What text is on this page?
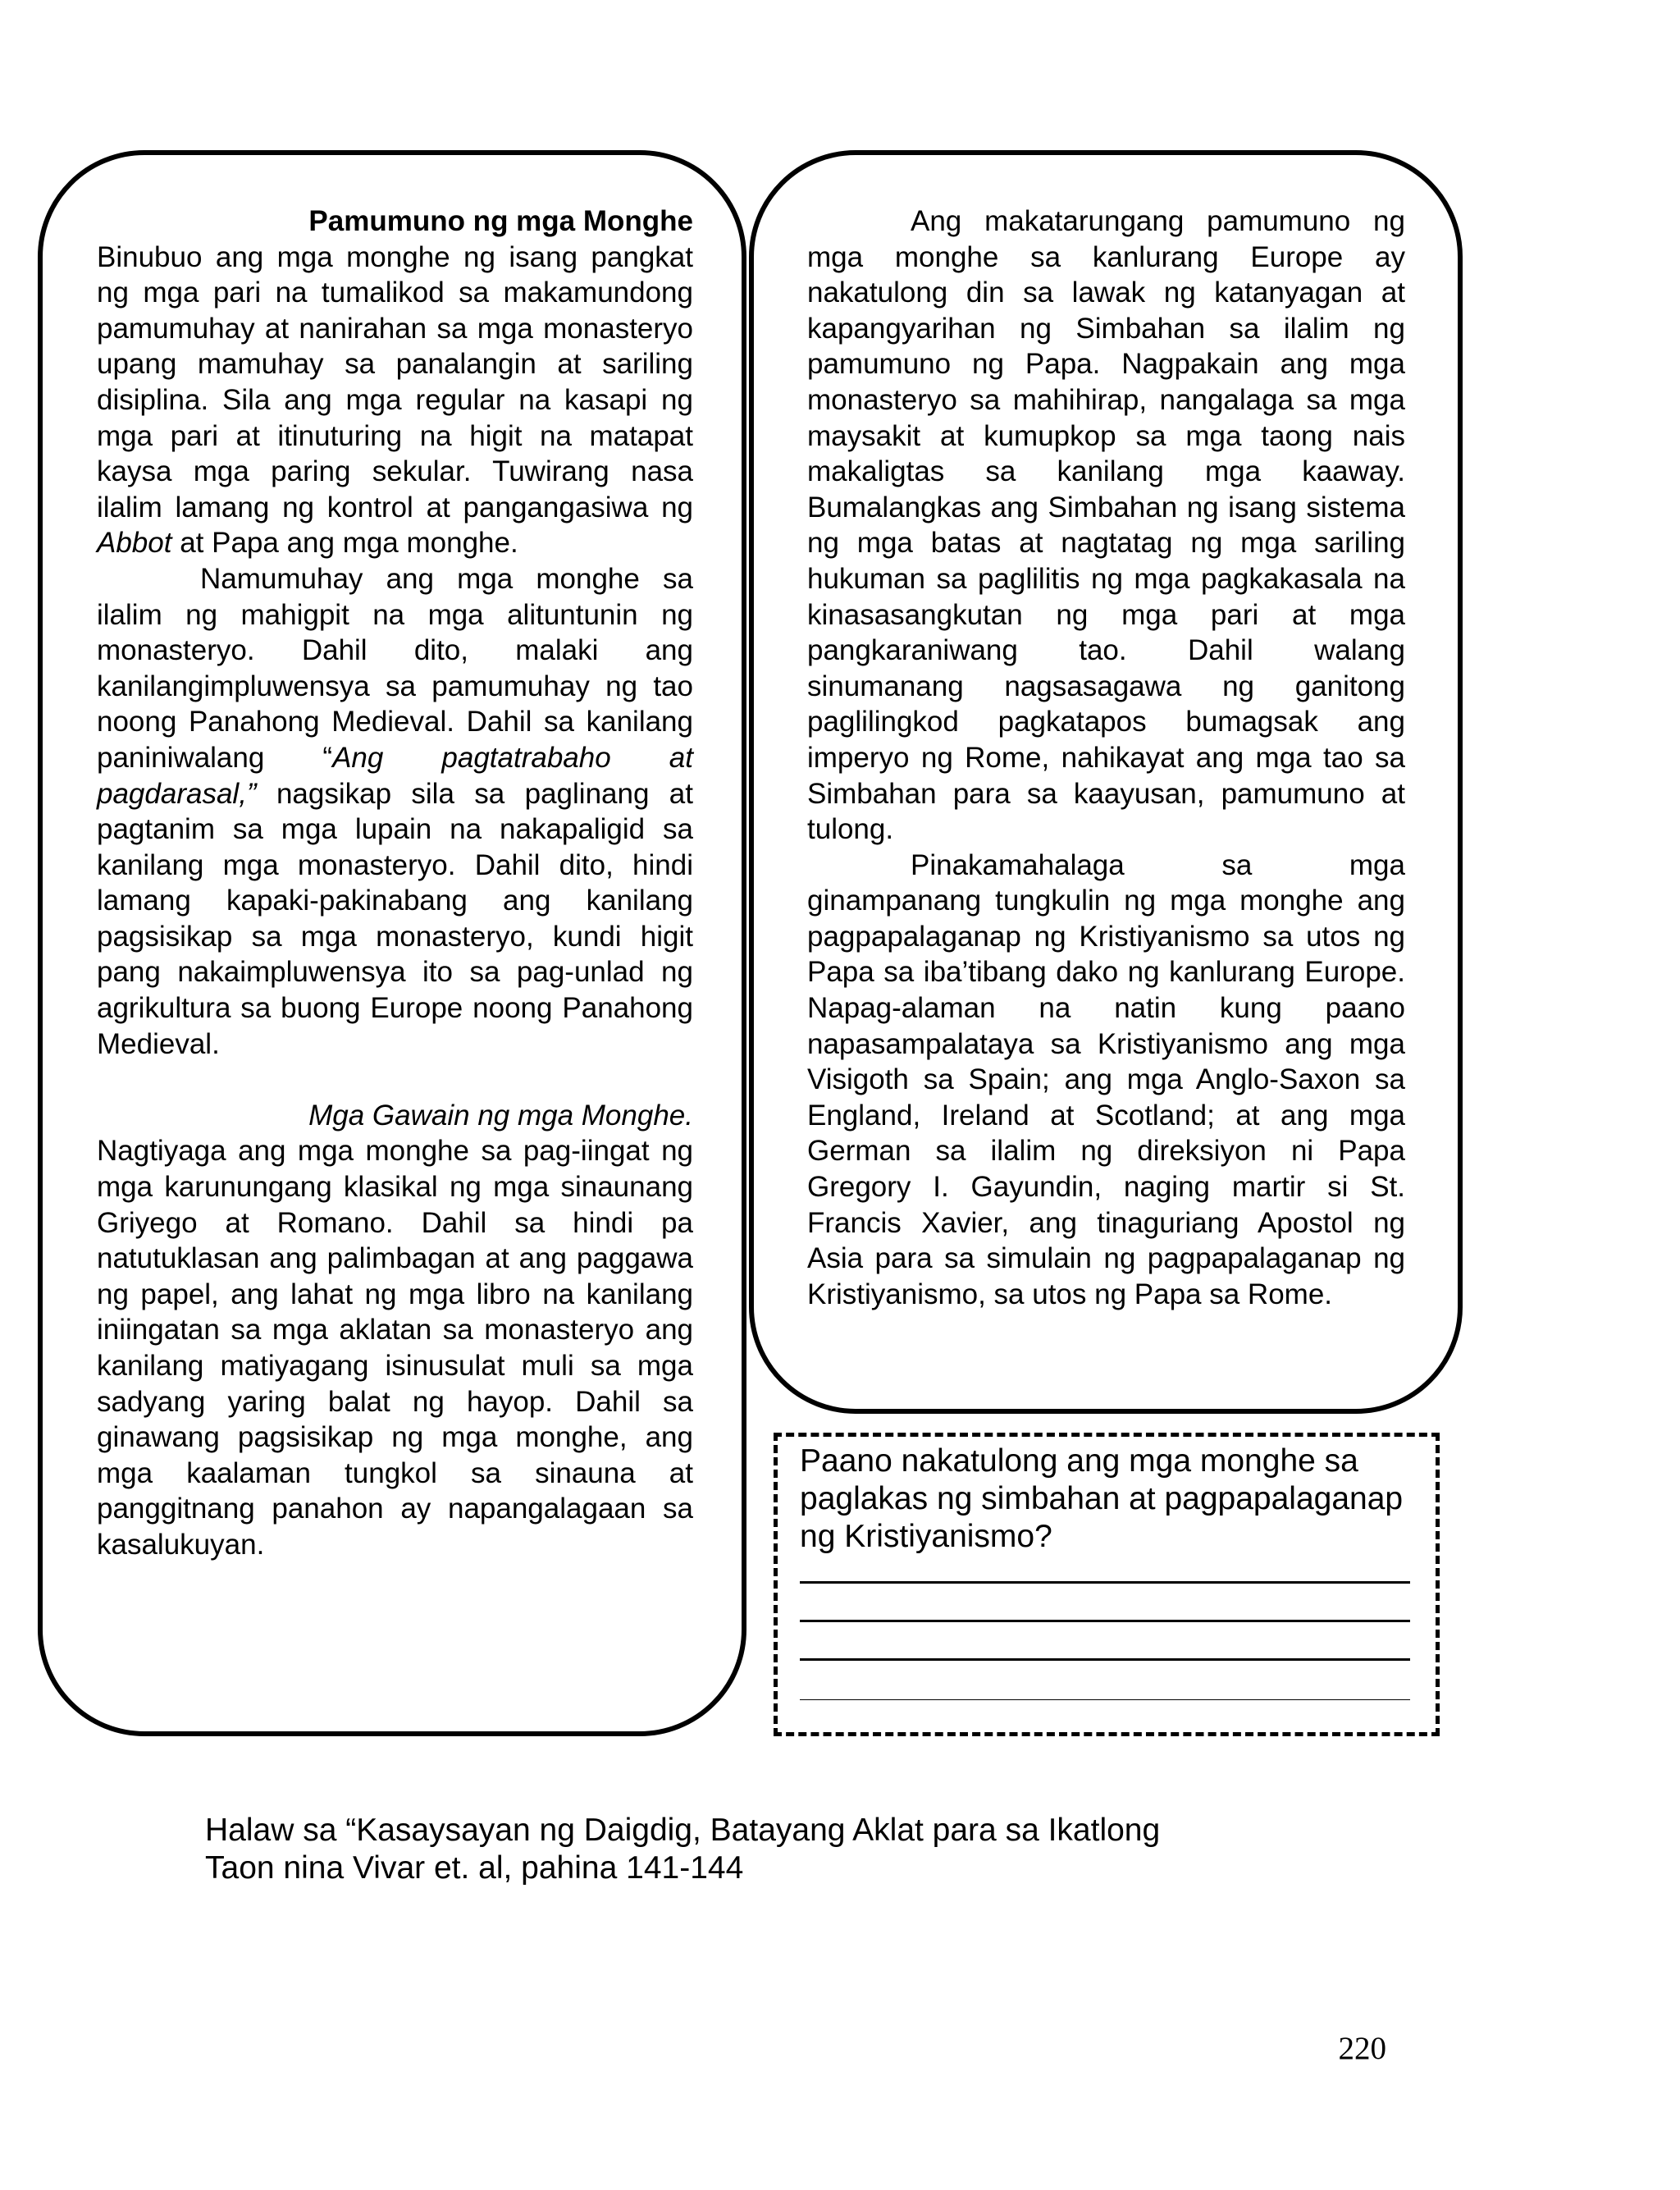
Pamumuno ng mga Monghe

Binubuo ang mga monghe ng isang pangkat ng mga pari na tumalikod sa makamundong pamumuhay at nanirahan sa mga monasteryo upang mamuhay sa panalangin at sariling disiplina. Sila ang mga regular na kasapi ng mga pari at itinuturing na higit na matapat kaysa mga paring sekular. Tuwirang nasa ilalim lamang ng kontrol at pangangasiwa ng Abbot at Papa ang mga monghe.

Namumuhay ang mga monghe sa ilalim ng mahigpit na mga alituntunin ng monasteryo. Dahil dito, malaki ang kanilangimpluwensya sa pamumuhay ng tao noong Panahong Medieval. Dahil sa kanilang paniniwalang “Ang pagtatrabaho at pagdarasal,” nagsikap sila sa paglinang at pagtanim sa mga lupain na nakapaligid sa kanilang mga monasteryo. Dahil dito, hindi lamang kapaki-pakinabang ang kanilang pagsisikap sa mga monasteryo, kundi higit pang nakaimpluwensya ito sa pag-unlad ng agrikultura sa buong Europe noong Panahong Medieval.

Mga Gawain ng mga Monghe.

Nagtiyaga ang mga monghe sa pag-iingat ng mga karunungang klasikal ng mga sinaunang Griyego at Romano. Dahil sa hindi pa natutuklasan ang palimbagan at ang paggawa ng papel, ang lahat ng mga libro na kanilang iniingatan sa mga aklatan sa monasteryo ang kanilang matiyagang isinusulat muli sa mga sadyang yaring balat ng hayop. Dahil sa ginawang pagsisikap ng mga monghe, ang mga kaalaman tungkol sa sinauna at panggitnang panahon ay napangalagaan sa kasalukuyan.

Ang makatarungang pamumuno ng mga monghe sa kanlurang Europe ay nakatulong din sa lawak ng katanyagan at kapangyarihan ng Simbahan sa ilalim ng pamumuno ng Papa. Nagpakain ang mga monasteryo sa mahihirap, nangalaga sa mga maysakit at kumupkop sa mga taong nais makaligtas sa kanilang mga kaaway. Bumalangkas ang Simbahan ng isang sistema ng mga batas at nagtatag ng mga sariling hukuman sa paglilitis ng mga pagkakasala na kinasasangkutan ng mga pari at mga pangkaraniwang tao. Dahil walang sinumanang nagsasagawa ng ganitong paglilingkod pagkatapos bumagsak ang imperyo ng Rome, nahikayat ang mga tao sa Simbahan para sa kaayusan, pamumuno at tulong.

Pinakamahalaga sa mga ginampanang tungkulin ng mga monghe ang pagpapalaganap ng Kristiyanismo sa utos ng Papa sa iba’tibang dako ng kanlurang Europe. Napag-alaman na natin kung paano napasampalataya sa Kristiyanismo ang mga Visigoth sa Spain; ang mga Anglo-Saxon sa England, Ireland at Scotland; at ang mga German sa ilalim ng direksiyon ni Papa Gregory I. Gayundin, naging martir si St. Francis Xavier, ang tinaguriang Apostol ng Asia para sa simulain ng pagpapalaganap ng Kristiyanismo, sa utos ng Papa sa Rome.

Paano nakatulong ang mga monghe sa paglakas ng simbahan at pagpapalaganap ng Kristiyanismo?
Halaw sa “Kasaysayan ng Daigdig, Batayang Aklat para sa Ikatlong
Taon nina Vivar et. al, pahina 141-144
220
